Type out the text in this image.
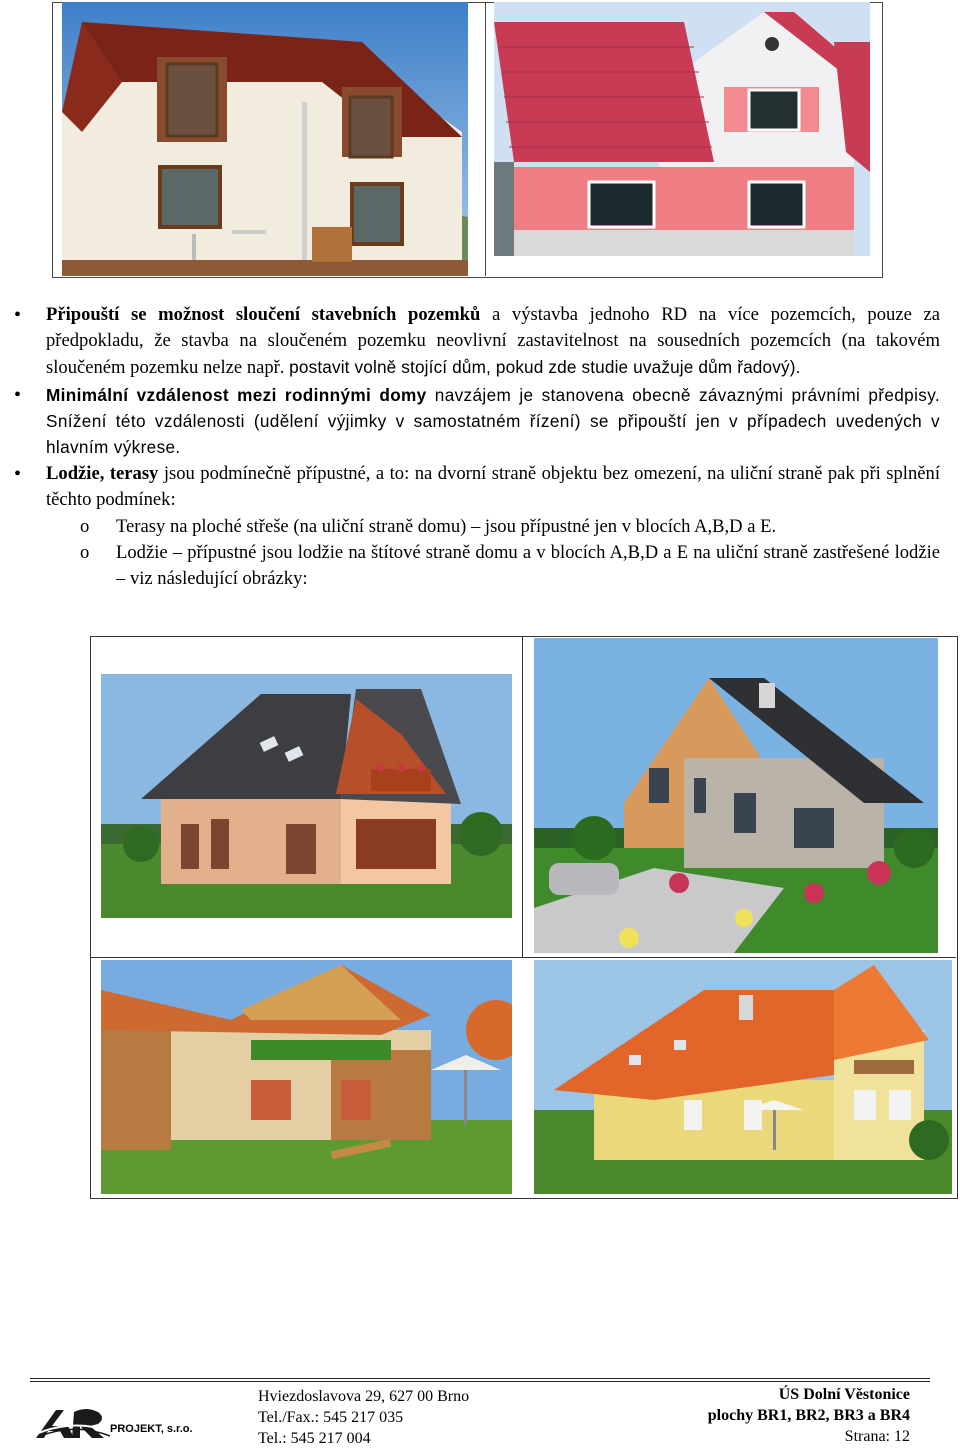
•	Připouští se možnost sloučení stavebních pozemků a výstavba jednoho RD na více pozemcích, pouze za předpokladu, že stavba na sloučeném pozemku neovlivní zastavitelnost na sousedních pozemcích (na takovém sloučeném pozemku nelze např. postavit volně stojící dům, pokud zde studie uvažuje dům řadový).
•	Minimální vzdálenost mezi rodinnými domy navzájem je stanovena obecně závaznými právními předpisy. Snížení této vzdálenosti (udělení výjimky v samostatném řízení) se připouští jen v případech uvedených v hlavním výkrese.
•	Lodžie, terasy jsou podmínečně přípustné, a to: na dvorní straně objektu bez omezení, na uliční straně pak při splnění těchto podmínek:
o Terasy na ploché střeše (na uliční straně domu) – jsou přípustné jen v blocích A,B,D a E.
o Lodžie – přípustné jsou lodžie na štítové straně domu a v blocích A,B,D a E na uliční straně zastřešené lodžie – viz následující obrázky:
PROJEKT, s.r.o.
Hviezdoslavova 29, 627 00 Brno
Tel./Fax.: 545 217 035
Tel.: 545 217 004
ÚS Dolní Věstonice
plochy BR1, BR2, BR3 a BR4
Strana: 12
